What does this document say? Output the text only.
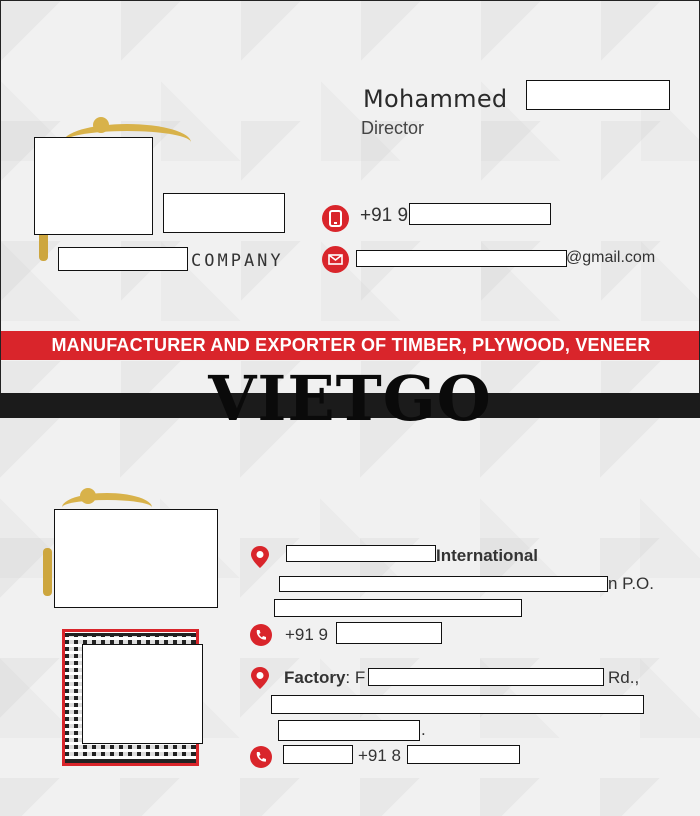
COMPANY
Mohammed
Director
+91 9
@gmail.com
MANUFACTURER AND EXPORTER OF TIMBER, PLYWOOD, VENEER
International
n P.O.
+91 9
Factory: F	Rd.,
.
+91 8
VIETGO
